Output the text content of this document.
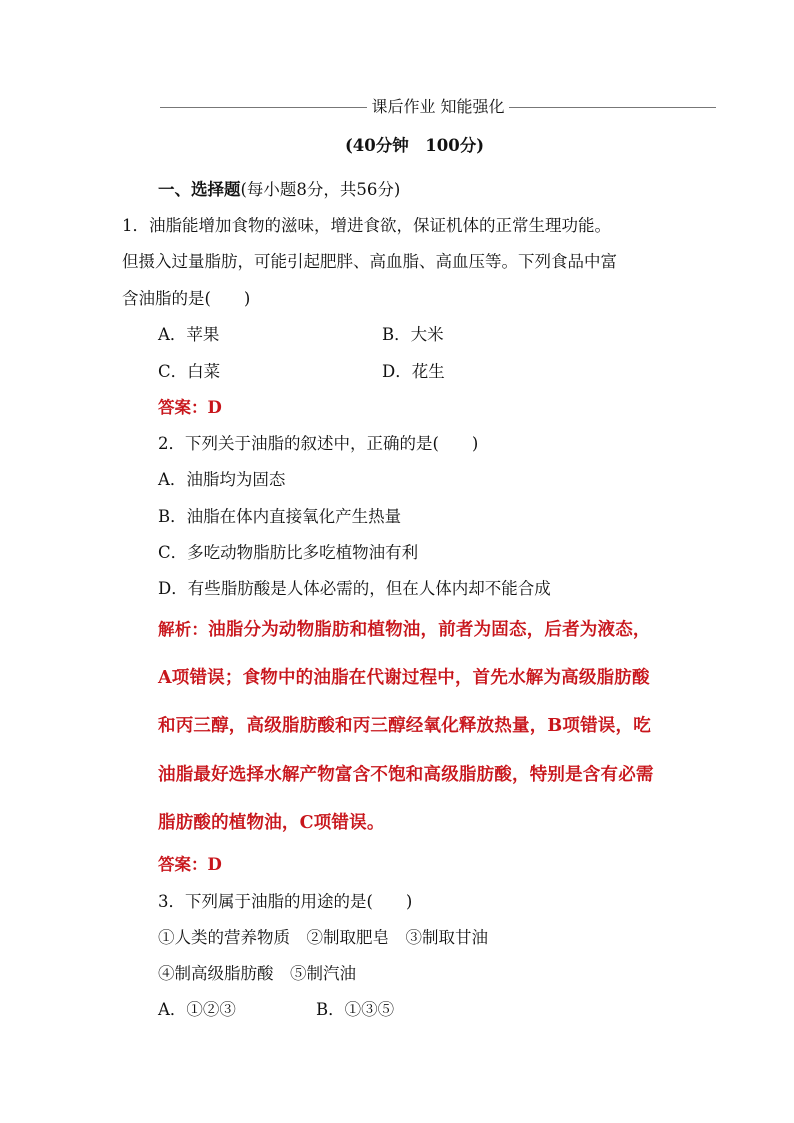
课后作业 知能强化
(40分钟　100分)
一、选择题(每小题8分，共56分)
1．油脂能增加食物的滋味，增进食欲，保证机体的正常生理功能。
但摄入过量脂肪，可能引起肥胖、高血脂、高血压等。下列食品中富
含油脂的是(　　)
A．苹果	B．大米
C．白菜	D．花生
答案：D
2．下列关于油脂的叙述中，正确的是(　　)
A．油脂均为固态
B．油脂在体内直接氧化产生热量
C．多吃动物脂肪比多吃植物油有利
D．有些脂肪酸是人体必需的，但在人体内却不能合成
解析：油脂分为动物脂肪和植物油，前者为固态，后者为液态，
A项错误；食物中的油脂在代谢过程中，首先水解为高级脂肪酸
和丙三醇，高级脂肪酸和丙三醇经氧化释放热量，B项错误，吃
油脂最好选择水解产物富含不饱和高级脂肪酸，特别是含有必需
脂肪酸的植物油，C项错误。
答案：D
3．下列属于油脂的用途的是(　　)
①人类的营养物质　②制取肥皂　③制取甘油
④制高级脂肪酸　⑤制汽油
A．①②③	B．①③⑤
